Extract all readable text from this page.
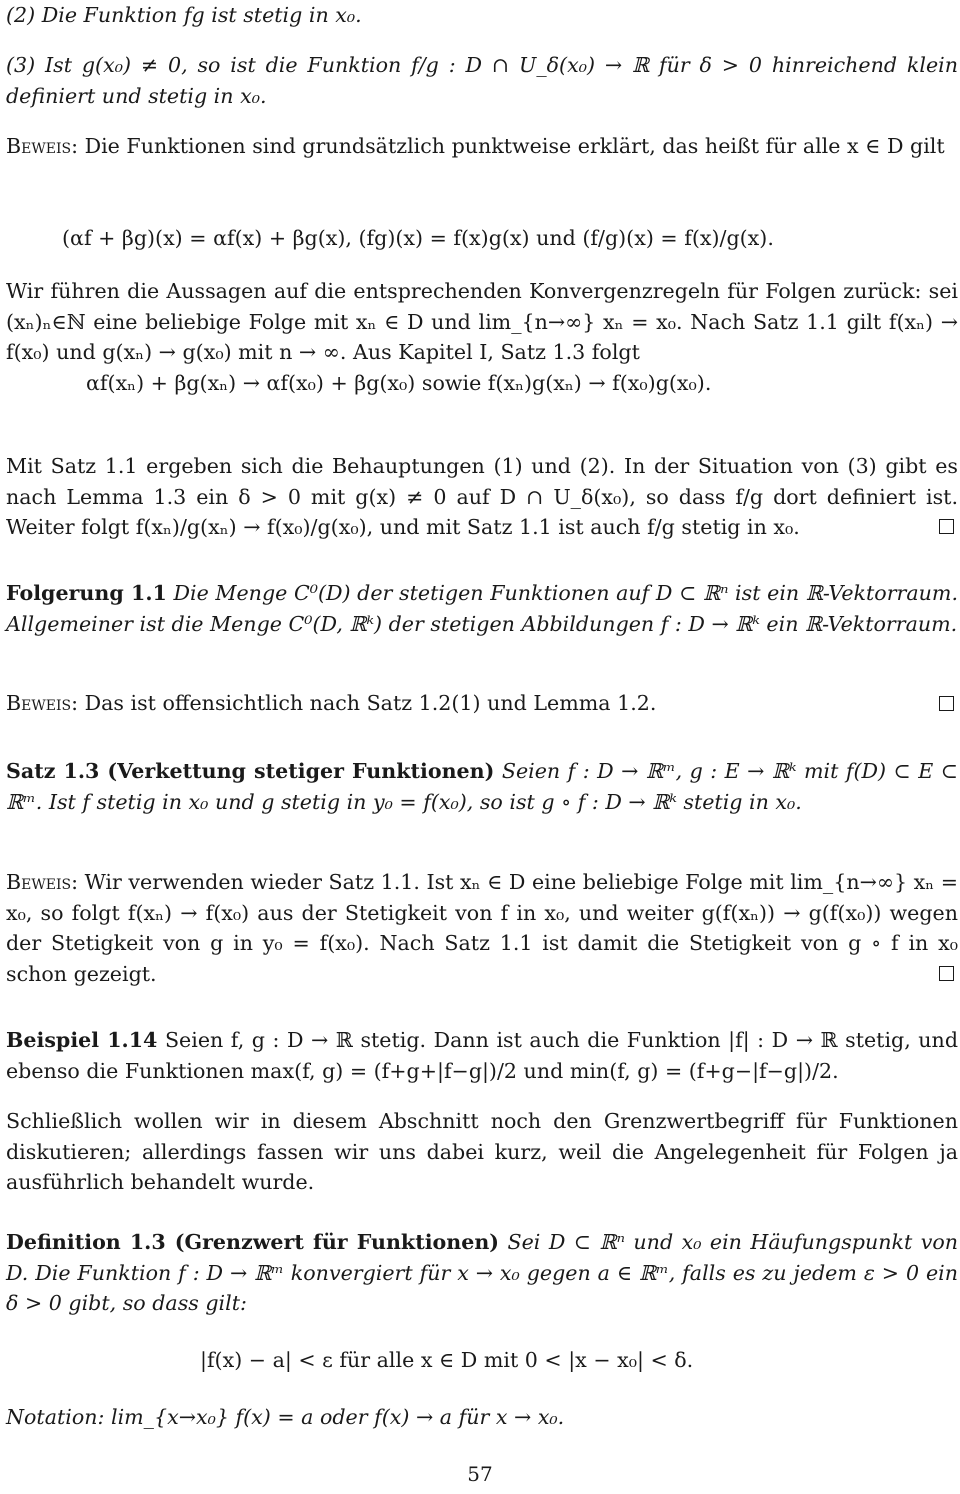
(2) Die Funktion fg ist stetig in x₀.

(3) Ist g(x₀) ≠ 0, so ist die Funktion f/g : D ∩ U_δ(x₀) → ℝ für δ > 0 hinreichend klein definiert und stetig in x₀.

Beweis: Die Funktionen sind grundsätzlich punktweise erklärt, das heißt für alle x ∈ D gilt

(αf + βg)(x) = αf(x) + βg(x), (fg)(x) = f(x)g(x) und (f/g)(x) = f(x)/g(x).

Wir führen die Aussagen auf die entsprechenden Konvergenzregeln für Folgen zurück: sei (xₙ)ₙ∈ℕ eine beliebige Folge mit xₙ ∈ D und lim_{n→∞} xₙ = x₀. Nach Satz 1.1 gilt f(xₙ) → f(x₀) und g(xₙ) → g(x₀) mit n → ∞. Aus Kapitel I, Satz 1.3 folgt

αf(xₙ) + βg(xₙ) → αf(x₀) + βg(x₀) sowie f(xₙ)g(xₙ) → f(x₀)g(x₀).

Mit Satz 1.1 ergeben sich die Behauptungen (1) und (2). In der Situation von (3) gibt es nach Lemma 1.3 ein δ > 0 mit g(x) ≠ 0 auf D ∩ U_δ(x₀), so dass f/g dort definiert ist. Weiter folgt f(xₙ)/g(xₙ) → f(x₀)/g(x₀), und mit Satz 1.1 ist auch f/g stetig in x₀.

Folgerung 1.1 Die Menge C⁰(D) der stetigen Funktionen auf D ⊂ ℝⁿ ist ein ℝ-Vektorraum. Allgemeiner ist die Menge C⁰(D, ℝᵏ) der stetigen Abbildungen f : D → ℝᵏ ein ℝ-Vektorraum.

Beweis: Das ist offensichtlich nach Satz 1.2(1) und Lemma 1.2.

Satz 1.3 (Verkettung stetiger Funktionen) Seien f : D → ℝᵐ, g : E → ℝᵏ mit f(D) ⊂ E ⊂ ℝᵐ. Ist f stetig in x₀ und g stetig in y₀ = f(x₀), so ist g ∘ f : D → ℝᵏ stetig in x₀.

Beweis: Wir verwenden wieder Satz 1.1. Ist xₙ ∈ D eine beliebige Folge mit lim_{n→∞} xₙ = x₀, so folgt f(xₙ) → f(x₀) aus der Stetigkeit von f in x₀, und weiter g(f(xₙ)) → g(f(x₀)) wegen der Stetigkeit von g in y₀ = f(x₀). Nach Satz 1.1 ist damit die Stetigkeit von g ∘ f in x₀ schon gezeigt.

Beispiel 1.14 Seien f, g : D → ℝ stetig. Dann ist auch die Funktion |f| : D → ℝ stetig, und ebenso die Funktionen max(f, g) = (f+g+|f−g|)/2 und min(f, g) = (f+g−|f−g|)/2.

Schließlich wollen wir in diesem Abschnitt noch den Grenzwertbegriff für Funktionen diskutieren; allerdings fassen wir uns dabei kurz, weil die Angelegenheit für Folgen ja ausführlich behandelt wurde.

Definition 1.3 (Grenzwert für Funktionen) Sei D ⊂ ℝⁿ und x₀ ein Häufungspunkt von D. Die Funktion f : D → ℝᵐ konvergiert für x → x₀ gegen a ∈ ℝᵐ, falls es zu jedem ε > 0 ein δ > 0 gibt, so dass gilt:

|f(x) − a| < ε für alle x ∈ D mit 0 < |x − x₀| < δ.

Notation: lim_{x→x₀} f(x) = a oder f(x) → a für x → x₀.

57
